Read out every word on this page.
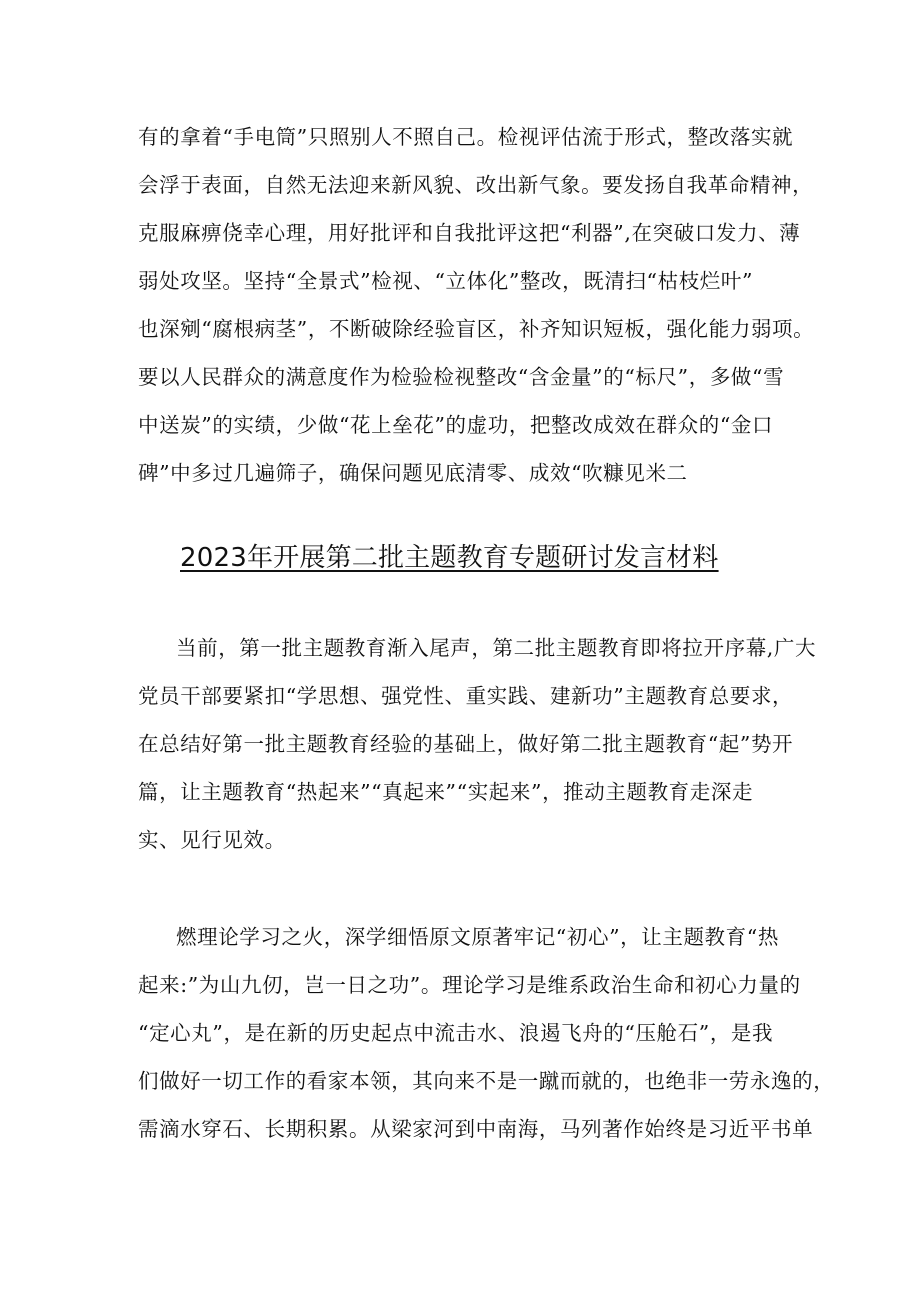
有的拿着“手电筒”只照别人不照自己。检视评估流于形式，整改落实就
会浮于表面，自然无法迎来新风貌、改出新气象。要发扬自我革命精神，
克服麻痹侥幸心理，用好批评和自我批评这把“利器”,在突破口发力、薄
弱处攻坚。坚持“全景式”检视、“立体化”整改，既清扫“枯枝烂叶”
也深剜“腐根病茎”，不断破除经验盲区，补齐知识短板，强化能力弱项。
要以人民群众的满意度作为检验检视整改“含金量”的“标尺”，多做“雪
中送炭”的实绩，少做“花上垒花”的虚功，把整改成效在群众的“金口
碑”中多过几遍筛子，确保问题见底清零、成效“吹糠见米二
2023年开展第二批主题教育专题研讨发言材料
当前，第一批主题教育渐入尾声，第二批主题教育即将拉开序幕,广大
党员干部要紧扣“学思想、强党性、重实践、建新功”主题教育总要求，
在总结好第一批主题教育经验的基础上，做好第二批主题教育“起”势开
篇，让主题教育“热起来”“真起来”“实起来”，推动主题教育走深走
实、见行见效。
燃理论学习之火，深学细悟原文原著牢记“初心”，让主题教育“热
起来:”为山九仞，岂一日之功”。理论学习是维系政治生命和初心力量的
“定心丸”，是在新的历史起点中流击水、浪遏飞舟的“压舱石”，是我
们做好一切工作的看家本领，其向来不是一蹴而就的，也绝非一劳永逸的，
需滴水穿石、长期积累。从梁家河到中南海，马列著作始终是习近平书单
